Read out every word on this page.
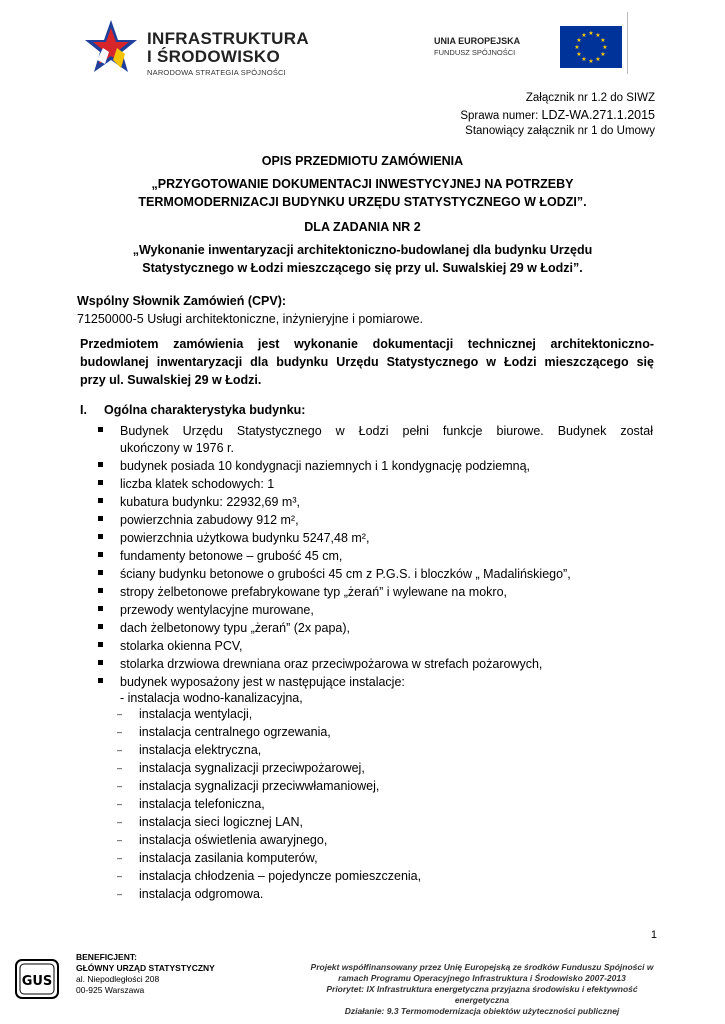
INFRASTRUKTURA
I ŚRODOWISKO
NARODOWA STRATEGIA SPÓJNOŚCI
UNIA EUROPEJSKA
FUNDUSZ SPÓJNOŚCI
★ ★
★
★
★
★
★
★
★
★
★
★
Załącznik nr 1.2 do SIWZ
Sprawa numer: LDZ-WA.271.1.2015
Stanowiący załącznik nr 1 do Umowy
OPIS PRZEDMIOTU ZAMÓWIENIA
„PRZYGOTOWANIE DOKUMENTACJI INWESTYCYJNEJ NA POTRZEBY
TERMOMODERNIZACJI BUDYNKU URZĘDU STATYSTYCZNEGO W ŁODZI”.
DLA ZADANIA NR 2
„Wykonanie inwentaryzacji architektoniczno-budowlanej dla budynku Urzędu
Statystycznego w Łodzi mieszczącego się przy ul. Suwalskiej 29 w Łodzi”.
Wspólny Słownik Zamówień (CPV):
71250000-5 Usługi architektoniczne, inżynieryjne i pomiarowe.
Przedmiotem zamówienia jest wykonanie dokumentacji technicznej architektoniczno-
budowlanej inwentaryzacji dla budynku Urzędu Statystycznego w Łodzi mieszczącego się
przy ul. Suwalskiej 29 w Łodzi.
I. Ogólna charakterystyka budynku:
Budynek Urzędu Statystycznego w Łodzi pełni funkcje biurowe. Budynek został
ukończony w 1976 r.
budynek posiada 10 kondygnacji naziemnych i 1 kondygnację podziemną,
liczba klatek schodowych: 1
kubatura budynku: 22932,69 m³,
powierzchnia zabudowy 912 m²,
powierzchnia użytkowa budynku 5247,48 m²,
fundamenty betonowe – grubość 45 cm,
ściany budynku betonowe o grubości 45 cm z P.G.S. i bloczków „ Madalińskiego”,
stropy żelbetonowe prefabrykowane typ „żerań” i wylewane na mokro,
przewody wentylacyjne murowane,
dach żelbetonowy typu „żerań” (2x papa),
stolarka okienna PCV,
stolarka drzwiowa drewniana oraz przeciwpożarowa w strefach pożarowych,
budynek wyposażony jest w następujące instalacje:
- instalacja wodno-kanalizacyjna,
– instalacja wentylacji,
– instalacja centralnego ogrzewania,
– instalacja elektryczna,
– instalacja sygnalizacji przeciwpożarowej,
– instalacja sygnalizacji przeciwwłamaniowej,
– instalacja telefoniczna,
– instalacja sieci logicznej LAN,
– instalacja oświetlenia awaryjnego,
– instalacja zasilania komputerów,
– instalacja chłodzenia – pojedyncze pomieszczenia,
– instalacja odgromowa.
1
GUS
BENEFICJENT:
GŁÓWNY URZĄD STATYSTYCZNY
al. Niepodległości 208
00-925 Warszawa
Projekt współfinansowany przez Unię Europejską ze środków Funduszu Spójności w
ramach Programu Operacyjnego Infrastruktura i Środowisko 2007-2013
Priorytet: IX Infrastruktura energetyczna przyjazna środowisku i efektywność
energetyczna
Działanie: 9.3 Termomodernizacja obiektów użyteczności publicznej
